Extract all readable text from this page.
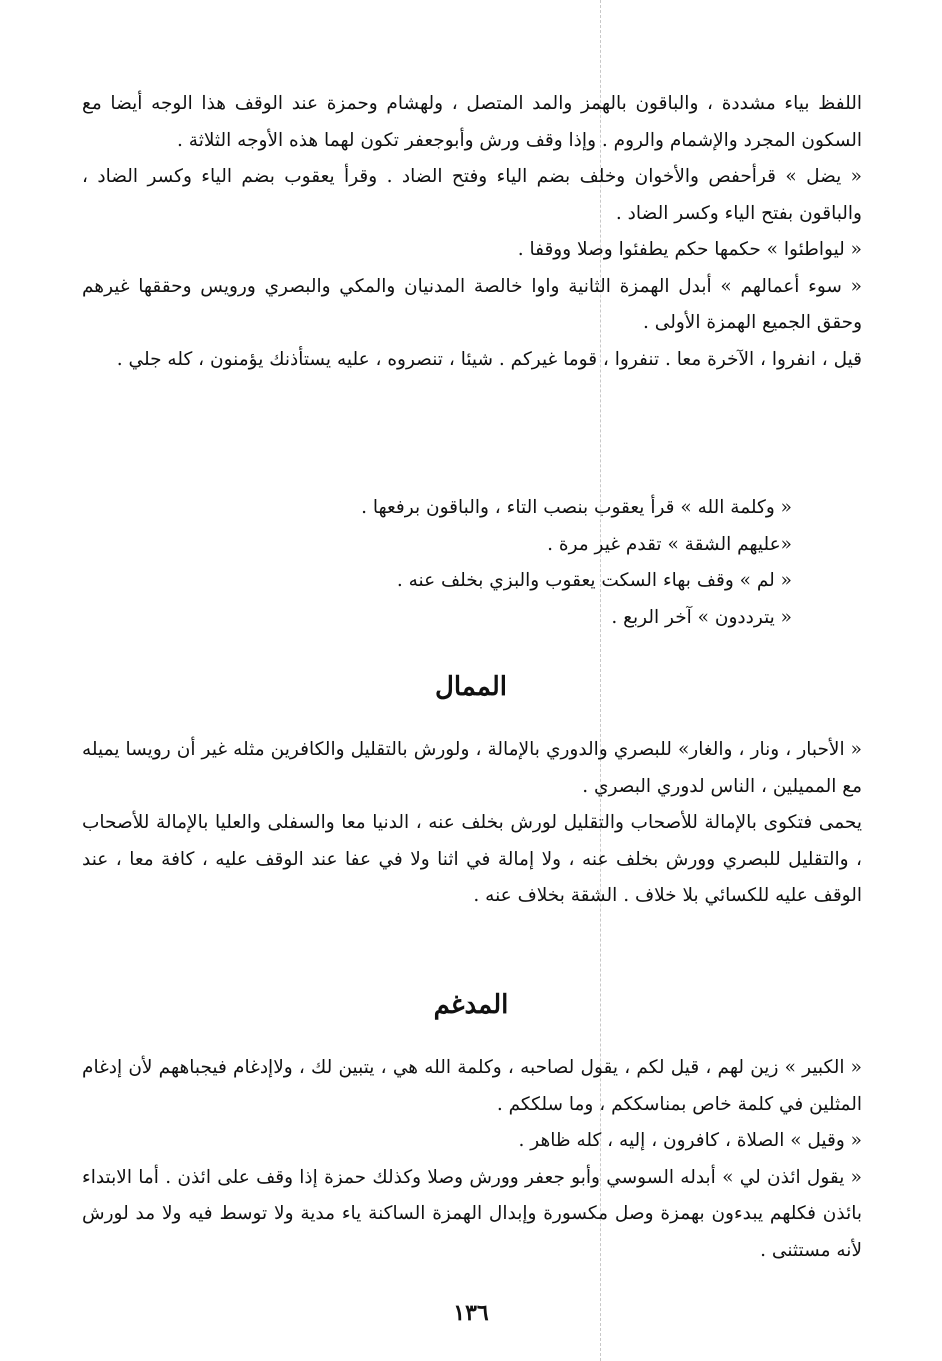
اللفظ بياء مشددة ، والباقون بالهمز والمد المتصل ، ولهشام وحمزة عند الوقف هذا الوجه أيضا مع السكون المجرد والإشمام والروم . وإذا وقف ورش وأبوجعفر تكون لهما هذه الأوجه الثلاثة .

« يضل » قرأحفص والأخوان وخلف بضم الياء وفتح الضاد . وقرأ يعقوب بضم الياء وكسر الضاد ، والباقون بفتح الياء وكسر الضاد .

« ليواطئوا » حكمها حكم يطفئوا وصلا ووقفا .

« سوء أعمالهم » أبدل الهمزة الثانية واوا خالصة المدنيان والمكي والبصري ورويس وحققها غيرهم وحقق الجميع الهمزة الأولى .

قيل ، انفروا ، الآخرة معا . تنفروا ، قوما غيركم . شيئا ، تنصروه ، عليه يستأذنك يؤمنون ، كله جلي .

« وكلمة الله » قرأ يعقوب بنصب التاء ، والباقون برفعها .

«عليهم الشقة » تقدم غير مرة .

« لم » وقف بهاء السكت يعقوب والبزي بخلف عنه .

« يترددون » آخر الربع .

الممال

« الأحبار ، ونار ، والغار» للبصري والدوري بالإمالة ، ولورش بالتقليل والكافرين مثله غير أن رويسا يميله مع المميلين ، الناس لدوري البصري .

يحمى فتكوى بالإمالة للأصحاب والتقليل لورش بخلف عنه ، الدنيا معا والسفلى والعليا بالإمالة للأصحاب ، والتقليل للبصري وورش بخلف عنه ، ولا إمالة في اثنا ولا في عفا عند الوقف عليه ، كافة معا ، عند الوقف عليه للكسائي بلا خلاف . الشقة بخلاف عنه .

المدغم

« الكبير » زين لهم ، قيل لكم ، يقول لصاحبه ، وكلمة الله هي ، يتبين لك ، ولاإدغام فيجباههم لأن إدغام المثلين في كلمة خاص بمناسككم ، وما سلككم .

« وقيل » الصلاة ، كافرون ، إليه ، كله ظاهر .

« يقول ائذن لي » أبدله السوسي وأبو جعفر وورش وصلا وكذلك حمزة إذا وقف على ائذن . أما الابتداء بائذن فكلهم يبدءون بهمزة وصل مكسورة وإبدال الهمزة الساكنة ياء مدية ولا توسط فيه ولا مد لورش لأنه مستثنى .

١٣٦
